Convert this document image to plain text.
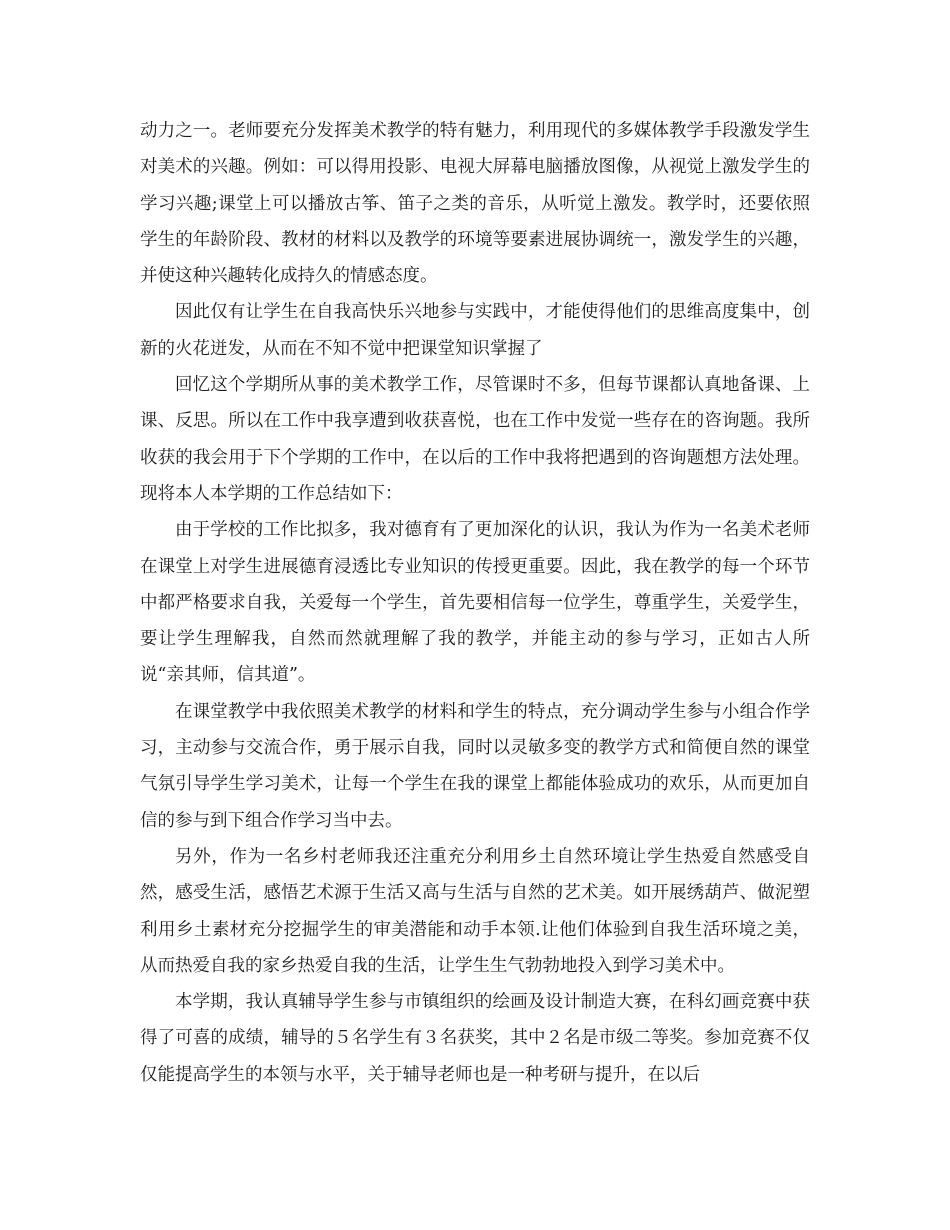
动力之一。老师要充分发挥美术教学的特有魅力，利用现代的多媒体教学手段激发学生对美术的兴趣。例如：可以得用投影、电视大屏幕电脑播放图像，从视觉上激发学生的学习兴趣;课堂上可以播放古筝、笛子之类的音乐，从听觉上激发。教学时，还要依照学生的年龄阶段、教材的材料以及教学的环境等要素进展协调统一，激发学生的兴趣，并使这种兴趣转化成持久的情感态度。

因此仅有让学生在自我高快乐兴地参与实践中，才能使得他们的思维高度集中，创新的火花迸发，从而在不知不觉中把课堂知识掌握了

回忆这个学期所从事的美术教学工作，尽管课时不多，但每节课都认真地备课、上课、反思。所以在工作中我享遭到收获喜悦，也在工作中发觉一些存在的咨询题。我所收获的我会用于下个学期的工作中，在以后的工作中我将把遇到的咨询题想方法处理。现将本人本学期的工作总结如下：

由于学校的工作比拟多，我对德育有了更加深化的认识，我认为作为一名美术老师在课堂上对学生进展德育浸透比专业知识的传授更重要。因此，我在教学的每一个环节中都严格要求自我，关爱每一个学生，首先要相信每一位学生，尊重学生，关爱学生，要让学生理解我，自然而然就理解了我的教学，并能主动的参与学习，正如古人所说“亲其师，信其道”。

在课堂教学中我依照美术教学的材料和学生的特点，充分调动学生参与小组合作学习，主动参与交流合作，勇于展示自我，同时以灵敏多变的教学方式和简便自然的课堂气氛引导学生学习美术，让每一个学生在我的课堂上都能体验成功的欢乐，从而更加自信的参与到下组合作学习当中去。

另外，作为一名乡村老师我还注重充分利用乡土自然环境让学生热爱自然感受自然，感受生活，感悟艺术源于生活又高与生活与自然的艺术美。如开展绣葫芦、做泥塑利用乡土素材充分挖掘学生的审美潜能和动手本领.让他们体验到自我生活环境之美，从而热爱自我的家乡热爱自我的生活，让学生生气勃勃地投入到学习美术中。

本学期，我认真辅导学生参与市镇组织的绘画及设计制造大赛，在科幻画竞赛中获得了可喜的成绩，辅导的５名学生有３名获奖，其中２名是市级二等奖。参加竞赛不仅仅能提高学生的本领与水平，关于辅导老师也是一种考研与提升，在以后
